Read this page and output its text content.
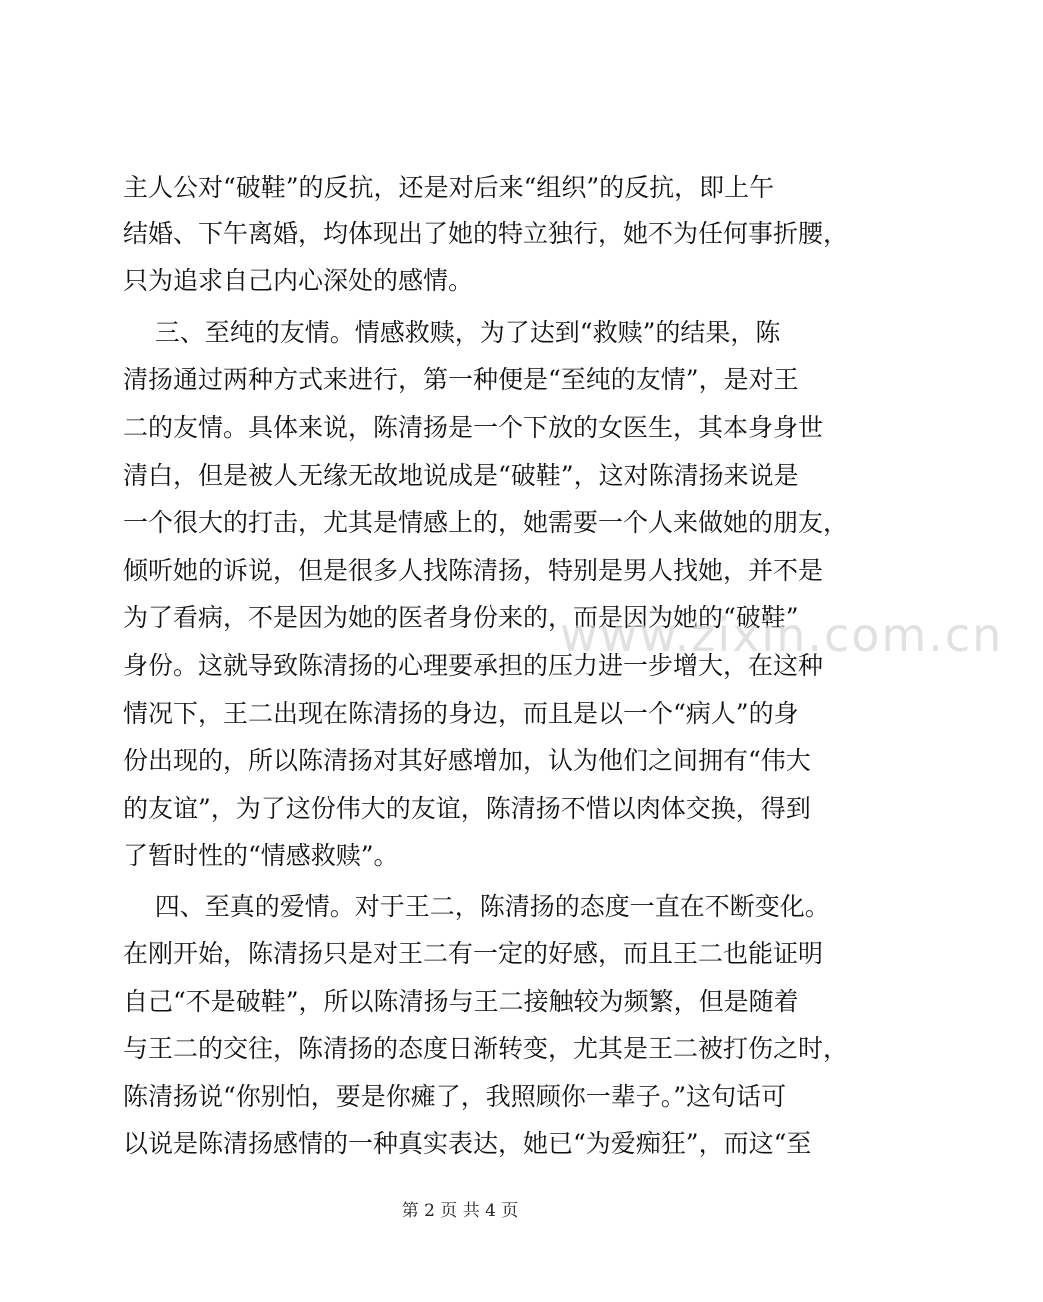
主人公对“破鞋”的反抗，还是对后来“组织”的反抗，即上午
结婚、下午离婚，均体现出了她的特立独行，她不为任何事折腰，
只为追求自己内心深处的感情。
三、至纯的友情。情感救赎，为了达到“救赎”的结果，陈
清扬通过两种方式来进行，第一种便是“至纯的友情”，是对王
二的友情。具体来说，陈清扬是一个下放的女医生，其本身身世
清白，但是被人无缘无故地说成是“破鞋”，这对陈清扬来说是
一个很大的打击，尤其是情感上的，她需要一个人来做她的朋友，
倾听她的诉说，但是很多人找陈清扬，特别是男人找她，并不是
为了看病，不是因为她的医者身份来的，而是因为她的“破鞋”
身份。这就导致陈清扬的心理要承担的压力进一步增大，在这种
情况下，王二出现在陈清扬的身边，而且是以一个“病人”的身
份出现的，所以陈清扬对其好感增加，认为他们之间拥有“伟大
的友谊”，为了这份伟大的友谊，陈清扬不惜以肉体交换，得到
了暂时性的“情感救赎”。
四、至真的爱情。对于王二，陈清扬的态度一直在不断变化。
在刚开始，陈清扬只是对王二有一定的好感，而且王二也能证明
自己“不是破鞋”，所以陈清扬与王二接触较为频繁，但是随着
与王二的交往，陈清扬的态度日渐转变，尤其是王二被打伤之时，
陈清扬说“你别怕，要是你瘫了，我照顾你一辈子。”这句话可
以说是陈清扬感情的一种真实表达，她已“为爱痴狂”，而这“至
www.zixin.com.cn
第 2 页 共 4 页
